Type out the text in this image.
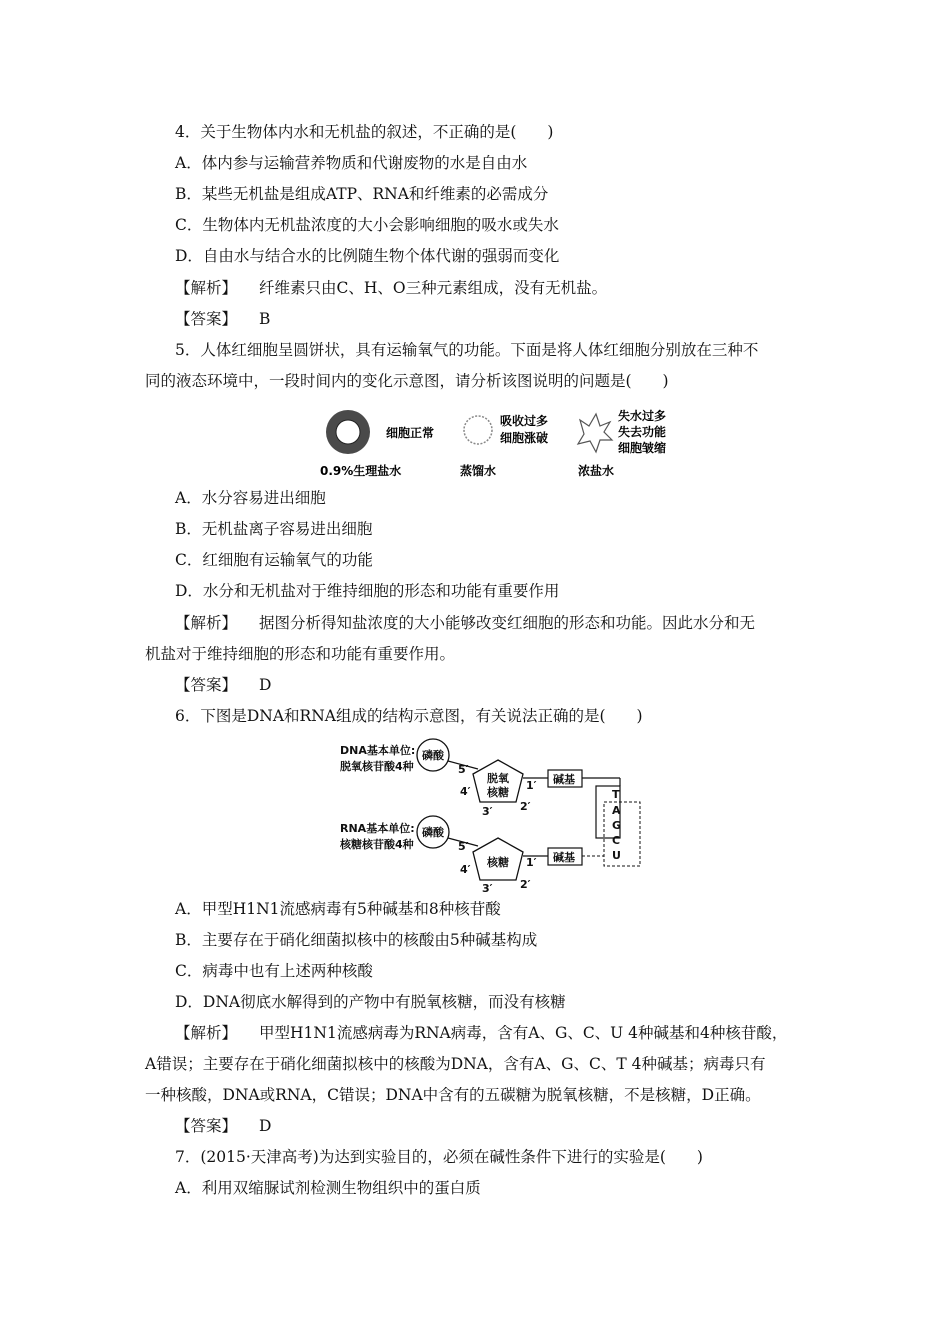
4．关于生物体内水和无机盐的叙述，不正确的是(　　)
A．体内参与运输营养物质和代谢废物的水是自由水
B．某些无机盐是组成ATP、RNA和纤维素的必需成分
C．生物体内无机盐浓度的大小会影响细胞的吸水或失水
D．自由水与结合水的比例随生物个体代谢的强弱而变化
【解析】 纤维素只由C、H、O三种元素组成，没有无机盐。
【答案】 B
5．人体红细胞呈圆饼状，具有运输氧气的功能。下面是将人体红细胞分别放在三种不
同的液态环境中，一段时间内的变化示意图，请分析该图说明的问题是(　　)
细胞正常
0.9%生理盐水
吸收过多
细胞涨破
蒸馏水
失水过多
失去功能
细胞皱缩
浓盐水
A．水分容易进出细胞
B．无机盐离子容易进出细胞
C．红细胞有运输氧气的功能
D．水分和无机盐对于维持细胞的形态和功能有重要作用
【解析】 据图分析得知盐浓度的大小能够改变红细胞的形态和功能。因此水分和无
机盐对于维持细胞的形态和功能有重要作用。
【答案】 D
6．下图是DNA和RNA组成的结构示意图，有关说法正确的是(　　)
DNA基本单位:
脱氧核苷酸4种
磷酸
5′
脱氧
核糖
4′	1′
2′
3′
碱基
T
A
G
C
U
RNA基本单位:
核糖核苷酸4种
磷酸
5′
核糖
4′
1′
2′
3′
碱基
A．甲型H1N1流感病毒有5种碱基和8种核苷酸
B．主要存在于硝化细菌拟核中的核酸由5种碱基构成
C．病毒中也有上述两种核酸
D．DNA彻底水解得到的产物中有脱氧核糖，而没有核糖
【解析】 甲型H1N1流感病毒为RNA病毒，含有A、G、C、U 4种碱基和4种核苷酸，
A错误；主要存在于硝化细菌拟核中的核酸为DNA，含有A、G、C、T 4种碱基；病毒只有
一种核酸，DNA或RNA，C错误；DNA中含有的五碳糖为脱氧核糖，不是核糖，D正确。
【答案】 D
7．(2015·天津高考)为达到实验目的，必须在碱性条件下进行的实验是(　　)
A．利用双缩脲试剂检测生物组织中的蛋白质
